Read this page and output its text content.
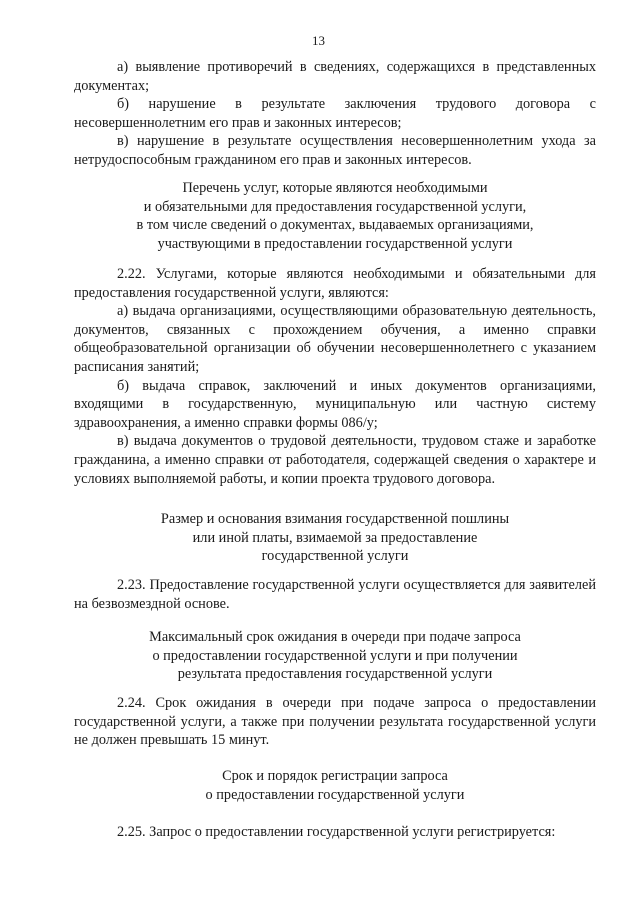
13

а) выявление противоречий в сведениях, содержащихся в представленных документах;

б) нарушение в результате заключения трудового договора с несовершеннолетним его прав и законных интересов;

в) нарушение в результате осуществления несовершеннолетним ухода за нетрудоспособным гражданином его прав и законных интересов.

Перечень услуг, которые являются необходимыми
и обязательными для предоставления государственной услуги,
в том числе сведений о документах, выдаваемых организациями,
участвующими в предоставлении государственной услуги

2.22. Услугами, которые являются необходимыми и обязательными для предоставления государственной услуги, являются:

а) выдача организациями, осуществляющими образовательную деятельность, документов, связанных с прохождением обучения, а именно справки общеобразовательной организации об обучении несовершеннолетнего с указанием расписания занятий;

б) выдача справок, заключений и иных документов организациями, входящими в государственную, муниципальную или частную систему здравоохранения, а именно справки формы 086/у;

в) выдача документов о трудовой деятельности, трудовом стаже и заработке гражданина, а именно справки от работодателя, содержащей сведения о характере и условиях выполняемой работы, и копии проекта трудового договора.

Размер и основания взимания государственной пошлины
или иной платы, взимаемой за предоставление
государственной услуги

2.23. Предоставление государственной услуги осуществляется для заявителей на безвозмездной основе.

Максимальный срок ожидания в очереди при подаче запроса
о предоставлении государственной услуги и при получении
результата предоставления государственной услуги

2.24. Срок ожидания в очереди при подаче запроса о предоставлении государственной услуги, а также при получении результата государственной услуги не должен превышать 15 минут.

Срок и порядок регистрации запроса
о предоставлении государственной услуги

2.25. Запрос о предоставлении государственной услуги регистрируется:
